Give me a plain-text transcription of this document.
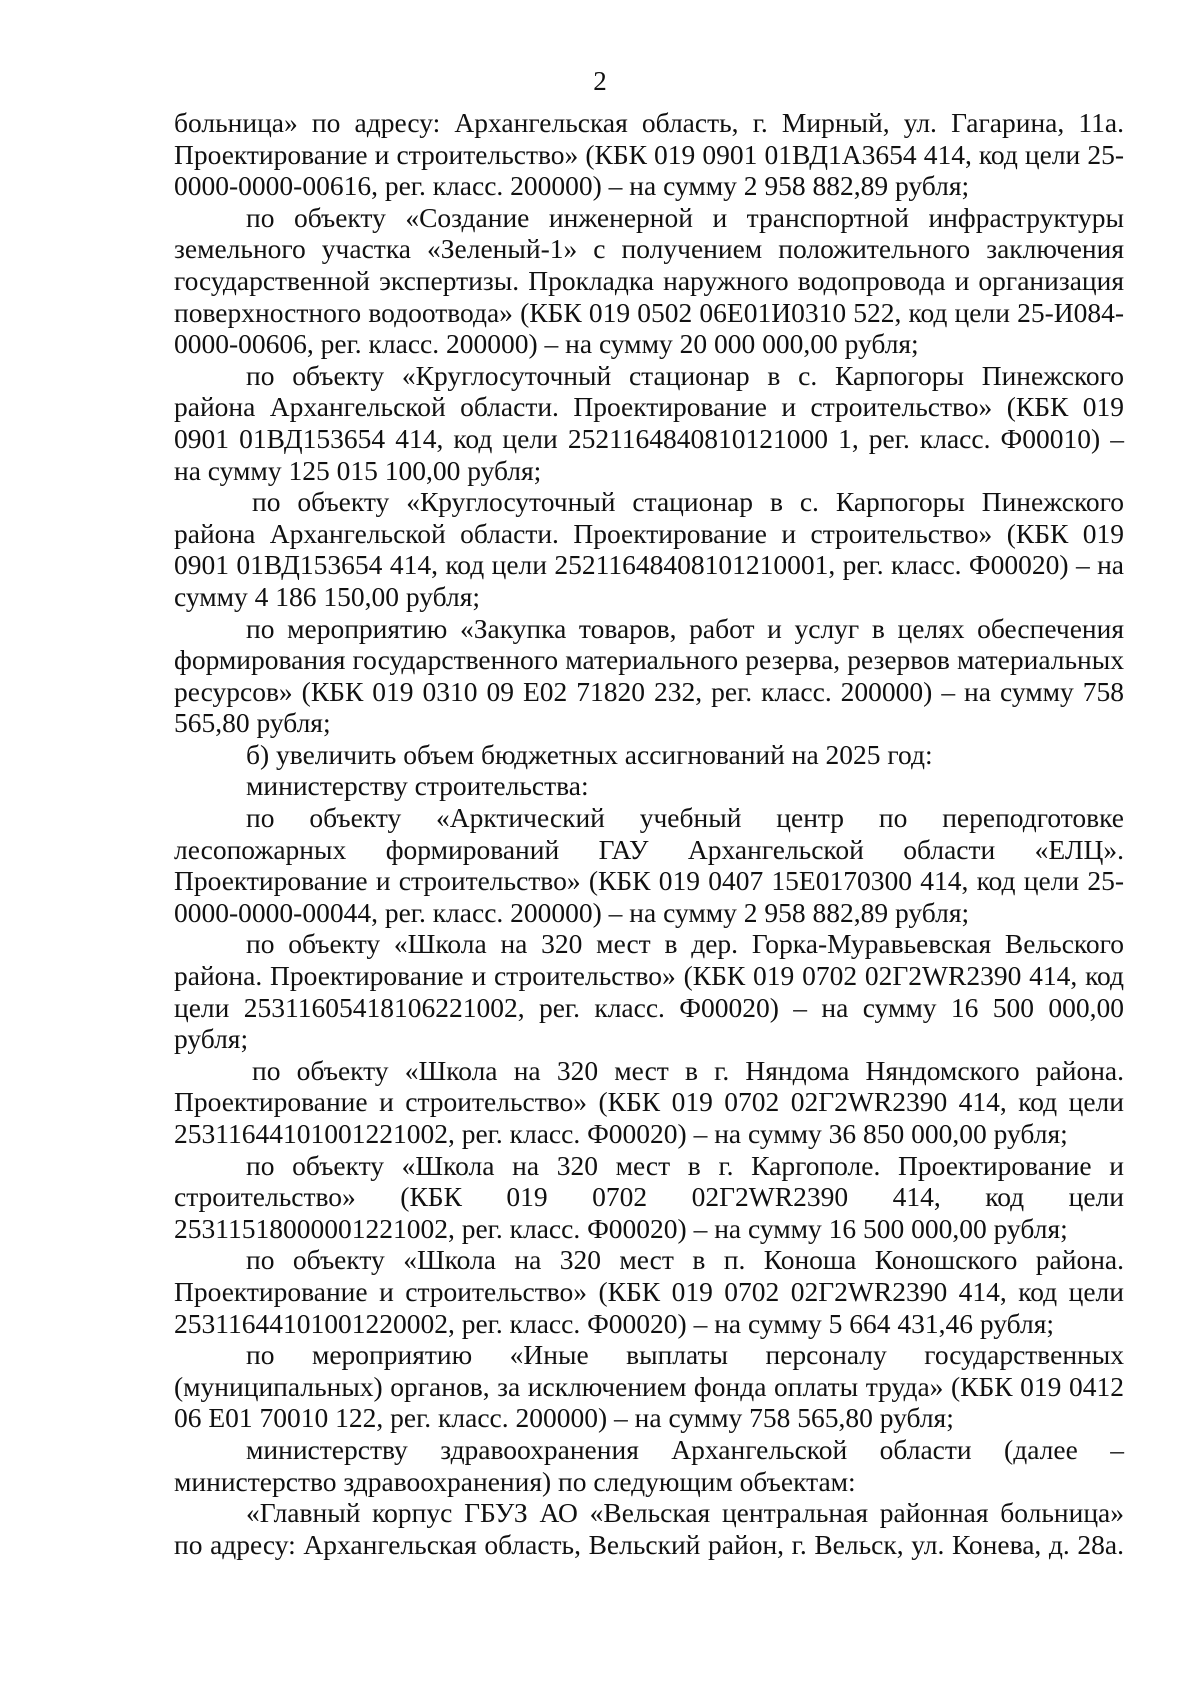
2

больница» по адресу: Архангельская область, г. Мирный, ул. Гагарина, 11а. Проектирование и строительство» (КБК 019 0901 01ВД1А3654 414, код цели 25-0000-0000-00616, рег. класс. 200000) – на сумму 2 958 882,89 рубля;

по объекту «Создание инженерной и транспортной инфраструктуры земельного участка «Зеленый-1» с получением положительного заключения государственной экспертизы. Прокладка наружного водопровода и организация поверхностного водоотвода» (КБК 019 0502 06Е01И0310 522, код цели 25-И084-0000-00606, рег. класс. 200000) – на сумму 20 000 000,00 рубля;

по объекту «Круглосуточный стационар в с. Карпогоры Пинежского района Архангельской области. Проектирование и строительство» (КБК 019 0901 01ВД153654 414, код цели 2521164840810121000 1, рег. класс. Ф00010) – на сумму 125 015 100,00 рубля;

по объекту «Круглосуточный стационар в с. Карпогоры Пинежского района Архангельской области. Проектирование и строительство» (КБК 019 0901 01ВД153654 414, код цели 25211648408101210001, рег. класс. Ф00020) – на сумму 4 186 150,00 рубля;

по мероприятию «Закупка товаров, работ и услуг в целях обеспечения формирования государственного материального резерва, резервов материальных ресурсов» (КБК 019 0310 09 Е02 71820 232, рег. класс. 200000) – на сумму 758 565,80 рубля;

б) увеличить объем бюджетных ассигнований на 2025 год:

министерству строительства:

по объекту «Арктический учебный центр по переподготовке лесопожарных формирований ГАУ Архангельской области «ЕЛЦ». Проектирование и строительство» (КБК 019 0407 15Е0170300 414, код цели 25-0000-0000-00044, рег. класс. 200000) – на сумму 2 958 882,89 рубля;

по объекту «Школа на 320 мест в дер. Горка-Муравьевская Вельского района. Проектирование и строительство» (КБК 019 0702 02Г2WR2390 414, код цели 25311605418106221002, рег. класс. Ф00020) – на сумму 16 500 000,00 рубля;

по объекту «Школа на 320 мест в г. Няндома Няндомского района. Проектирование и строительство» (КБК 019 0702 02Г2WR2390 414, код цели 25311644101001221002, рег. класс. Ф00020) – на сумму 36 850 000,00 рубля;

по объекту «Школа на 320 мест в г. Каргополе. Проектирование и строительство» (КБК 019 0702 02Г2WR2390 414, код цели 25311518000001221002, рег. класс. Ф00020) – на сумму 16 500 000,00 рубля;

по объекту «Школа на 320 мест в п. Коноша Коношского района. Проектирование и строительство» (КБК 019 0702 02Г2WR2390 414, код цели 25311644101001220002, рег. класс. Ф00020) – на сумму 5 664 431,46 рубля;

по мероприятию «Иные выплаты персоналу государственных (муниципальных) органов, за исключением фонда оплаты труда» (КБК 019 0412 06 Е01 70010 122, рег. класс. 200000) – на сумму 758 565,80 рубля;

министерству здравоохранения Архангельской области (далее – министерство здравоохранения) по следующим объектам:

«Главный корпус ГБУЗ АО «Вельская центральная районная больница» по адресу: Архангельская область, Вельский район, г. Вельск, ул. Конева, д. 28а.
